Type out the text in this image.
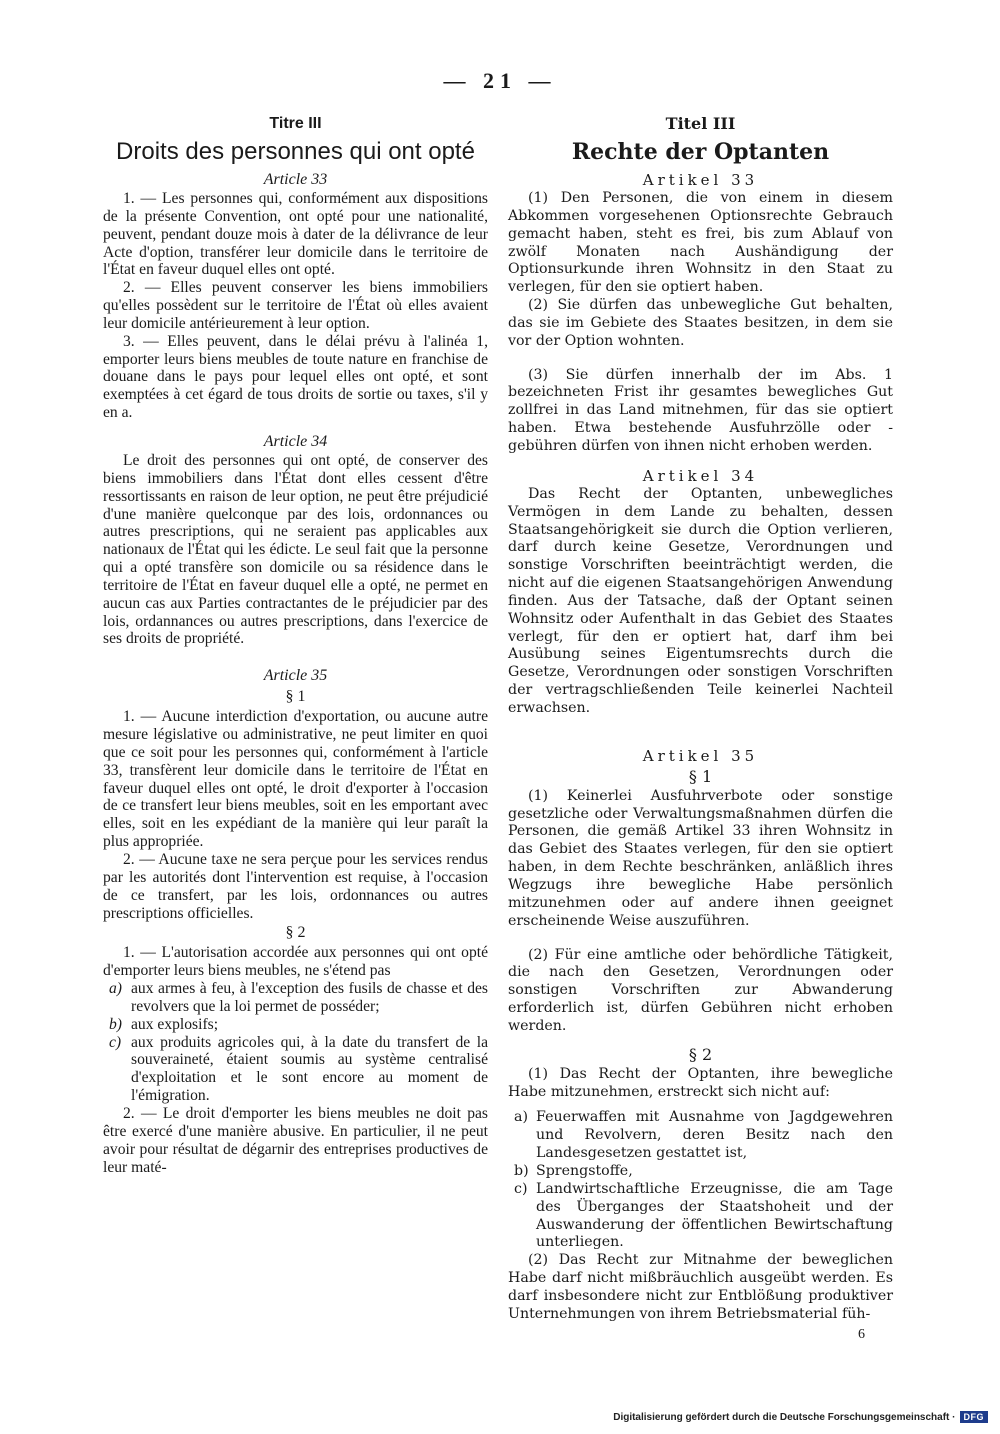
— 21 —
Titre III
Droits des personnes qui ont opté
Article 33

1. — Les personnes qui, conformément aux dispositions de la présente Convention, ont opté pour une nationalité, peuvent, pendant douze mois à dater de la délivrance de leur Acte d'option, transférer leur domicile dans le territoire de l'État en faveur duquel elles ont opté.

2. — Elles peuvent conserver les biens immobiliers qu'elles possèdent sur le territoire de l'État où elles avaient leur domicile antérieurement à leur option.

3. — Elles peuvent, dans le délai prévu à l'alinéa 1, emporter leurs biens meubles de toute nature en franchise de douane dans le pays pour lequel elles ont opté, et sont exemptées à cet égard de tous droits de sortie ou taxes, s'il y en a.

Article 34

Le droit des personnes qui ont opté, de conserver des biens immobiliers dans l'État dont elles cessent d'être ressortissants en raison de leur option, ne peut être préjudicié d'une manière quelconque par des lois, ordonnances ou autres prescriptions, qui ne seraient pas applicables aux nationaux de l'État qui les édicte. Le seul fait que la personne qui a opté transfère son domicile ou sa résidence dans le territoire de l'État en faveur duquel elle a opté, ne permet en aucun cas aux Parties contractantes de le préjudicier par des lois, ordannances ou autres prescriptions, dans l'exercice de ses droits de propriété.

Article 35
§ 1

1. — Aucune interdiction d'exportation, ou aucune autre mesure législative ou administrative, ne peut limiter en quoi que ce soit pour les personnes qui, conformément à l'article 33, transfèrent leur domicile dans le territoire de l'État en faveur duquel elles ont opté, le droit d'exporter à l'occasion de ce transfert leur biens meubles, soit en les emportant avec elles, soit en les expédiant de la manière qui leur paraît la plus appropriée.

2. — Aucune taxe ne sera perçue pour les services rendus par les autorités dont l'intervention est requise, à l'occasion de ce transfert, par les lois, ordonnances ou autres prescriptions officielles.

§ 2

1. — L'autorisation accordée aux personnes qui ont opté d'emporter leurs biens meubles, ne s'étend pas

a) aux armes à feu, à l'exception des fusils de chasse et des revolvers que la loi permet de posséder;
b) aux explosifs;
c) aux produits agricoles qui, à la date du transfert de la souveraineté, étaient soumis au système centralisé d'exploitation et le sont encore au moment de l'émigration.

2. — Le droit d'emporter les biens meubles ne doit pas être exercé d'une manière abusive. En particulier, il ne peut avoir pour résultat de dégarnir des entreprises productives de leur maté-

Titel III
Rechte der Optanten
Artikel 33

(1) Den Personen, die von einem in diesem Abkommen vorgesehenen Optionsrechte Gebrauch gemacht haben, steht es frei, bis zum Ablauf von zwölf Monaten nach Aushändigung der Optionsurkunde ihren Wohnsitz in den Staat zu verlegen, für den sie optiert haben.

(2) Sie dürfen das unbewegliche Gut behalten, das sie im Gebiete des Staates besitzen, in dem sie vor der Option wohnten.

(3) Sie dürfen innerhalb der im Abs. 1 bezeichneten Frist ihr gesamtes bewegliches Gut zollfrei in das Land mitnehmen, für das sie optiert haben. Etwa bestehende Ausfuhrzölle oder -gebühren dürfen von ihnen nicht erhoben werden.

Artikel 34

Das Recht der Optanten, unbewegliches Vermögen in dem Lande zu behalten, dessen Staatsangehörigkeit sie durch die Option verlieren, darf durch keine Gesetze, Verordnungen und sonstige Vorschriften beeinträchtigt werden, die nicht auf die eigenen Staatsangehörigen Anwendung finden. Aus der Tatsache, daß der Optant seinen Wohnsitz oder Aufenthalt in das Gebiet des Staates verlegt, für den er optiert hat, darf ihm bei Ausübung seines Eigentumsrechts durch die Gesetze, Verordnungen oder sonstigen Vorschriften der vertragschließenden Teile keinerlei Nachteil erwachsen.

Artikel 35
§ 1

(1) Keinerlei Ausfuhrverbote oder sonstige gesetzliche oder Verwaltungsmaßnahmen dürfen die Personen, die gemäß Artikel 33 ihren Wohnsitz in das Gebiet des Staates verlegen, für den sie optiert haben, in dem Rechte beschränken, anläßlich ihres Wegzugs ihre bewegliche Habe persönlich mitzunehmen oder auf andere ihnen geeignet erscheinende Weise auszuführen.

(2) Für eine amtliche oder behördliche Tätigkeit, die nach den Gesetzen, Verordnungen oder sonstigen Vorschriften zur Abwanderung erforderlich ist, dürfen Gebühren nicht erhoben werden.

§ 2

(1) Das Recht der Optanten, ihre bewegliche Habe mitzunehmen, erstreckt sich nicht auf:

a) Feuerwaffen mit Ausnahme von Jagdgewehren und Revolvern, deren Besitz nach den Landesgesetzen gestattet ist,
b) Sprengstoffe,
c) Landwirtschaftliche Erzeugnisse, die am Tage des Überganges der Staatshoheit und der Auswanderung der öffentlichen Bewirtschaftung unterliegen.

(2) Das Recht zur Mitnahme der beweglichen Habe darf nicht mißbräuchlich ausgeübt werden. Es darf insbesondere nicht zur Entblößung produktiver Unternehmungen von ihrem Betriebsmaterial füh-

6
Digitalisierung gefördert durch die Deutsche Forschungsgemeinschaft · DFG
